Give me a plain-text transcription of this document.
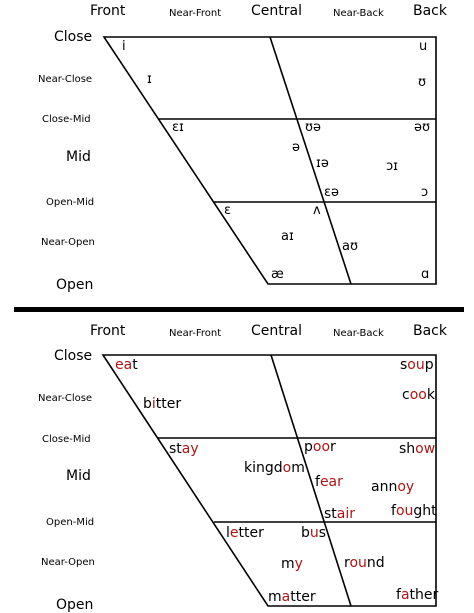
Front	Near-Front Central	Near-Back Back
Close
Near-Close
Close-Mid
Mid
Open-Mid
Near-Open
Open
i	u
ɪ	ʊ
ɛɪ	ʊə	əʊ
ə
ɪə	ɔɪ
ɛə	ɔ
ɛ	ʌ
aɪ
aʊ
æ	ɑ
Front	Near-Front Central	Near-Back Back
Close
Near-Close
Close-Mid
Mid
Open-Mid
Near-Open
Open
eat	soup
bitter
cook
stay	poor	show
kingdom
fear annoy
stair	fought
letter	bus
my	round
matter	father
